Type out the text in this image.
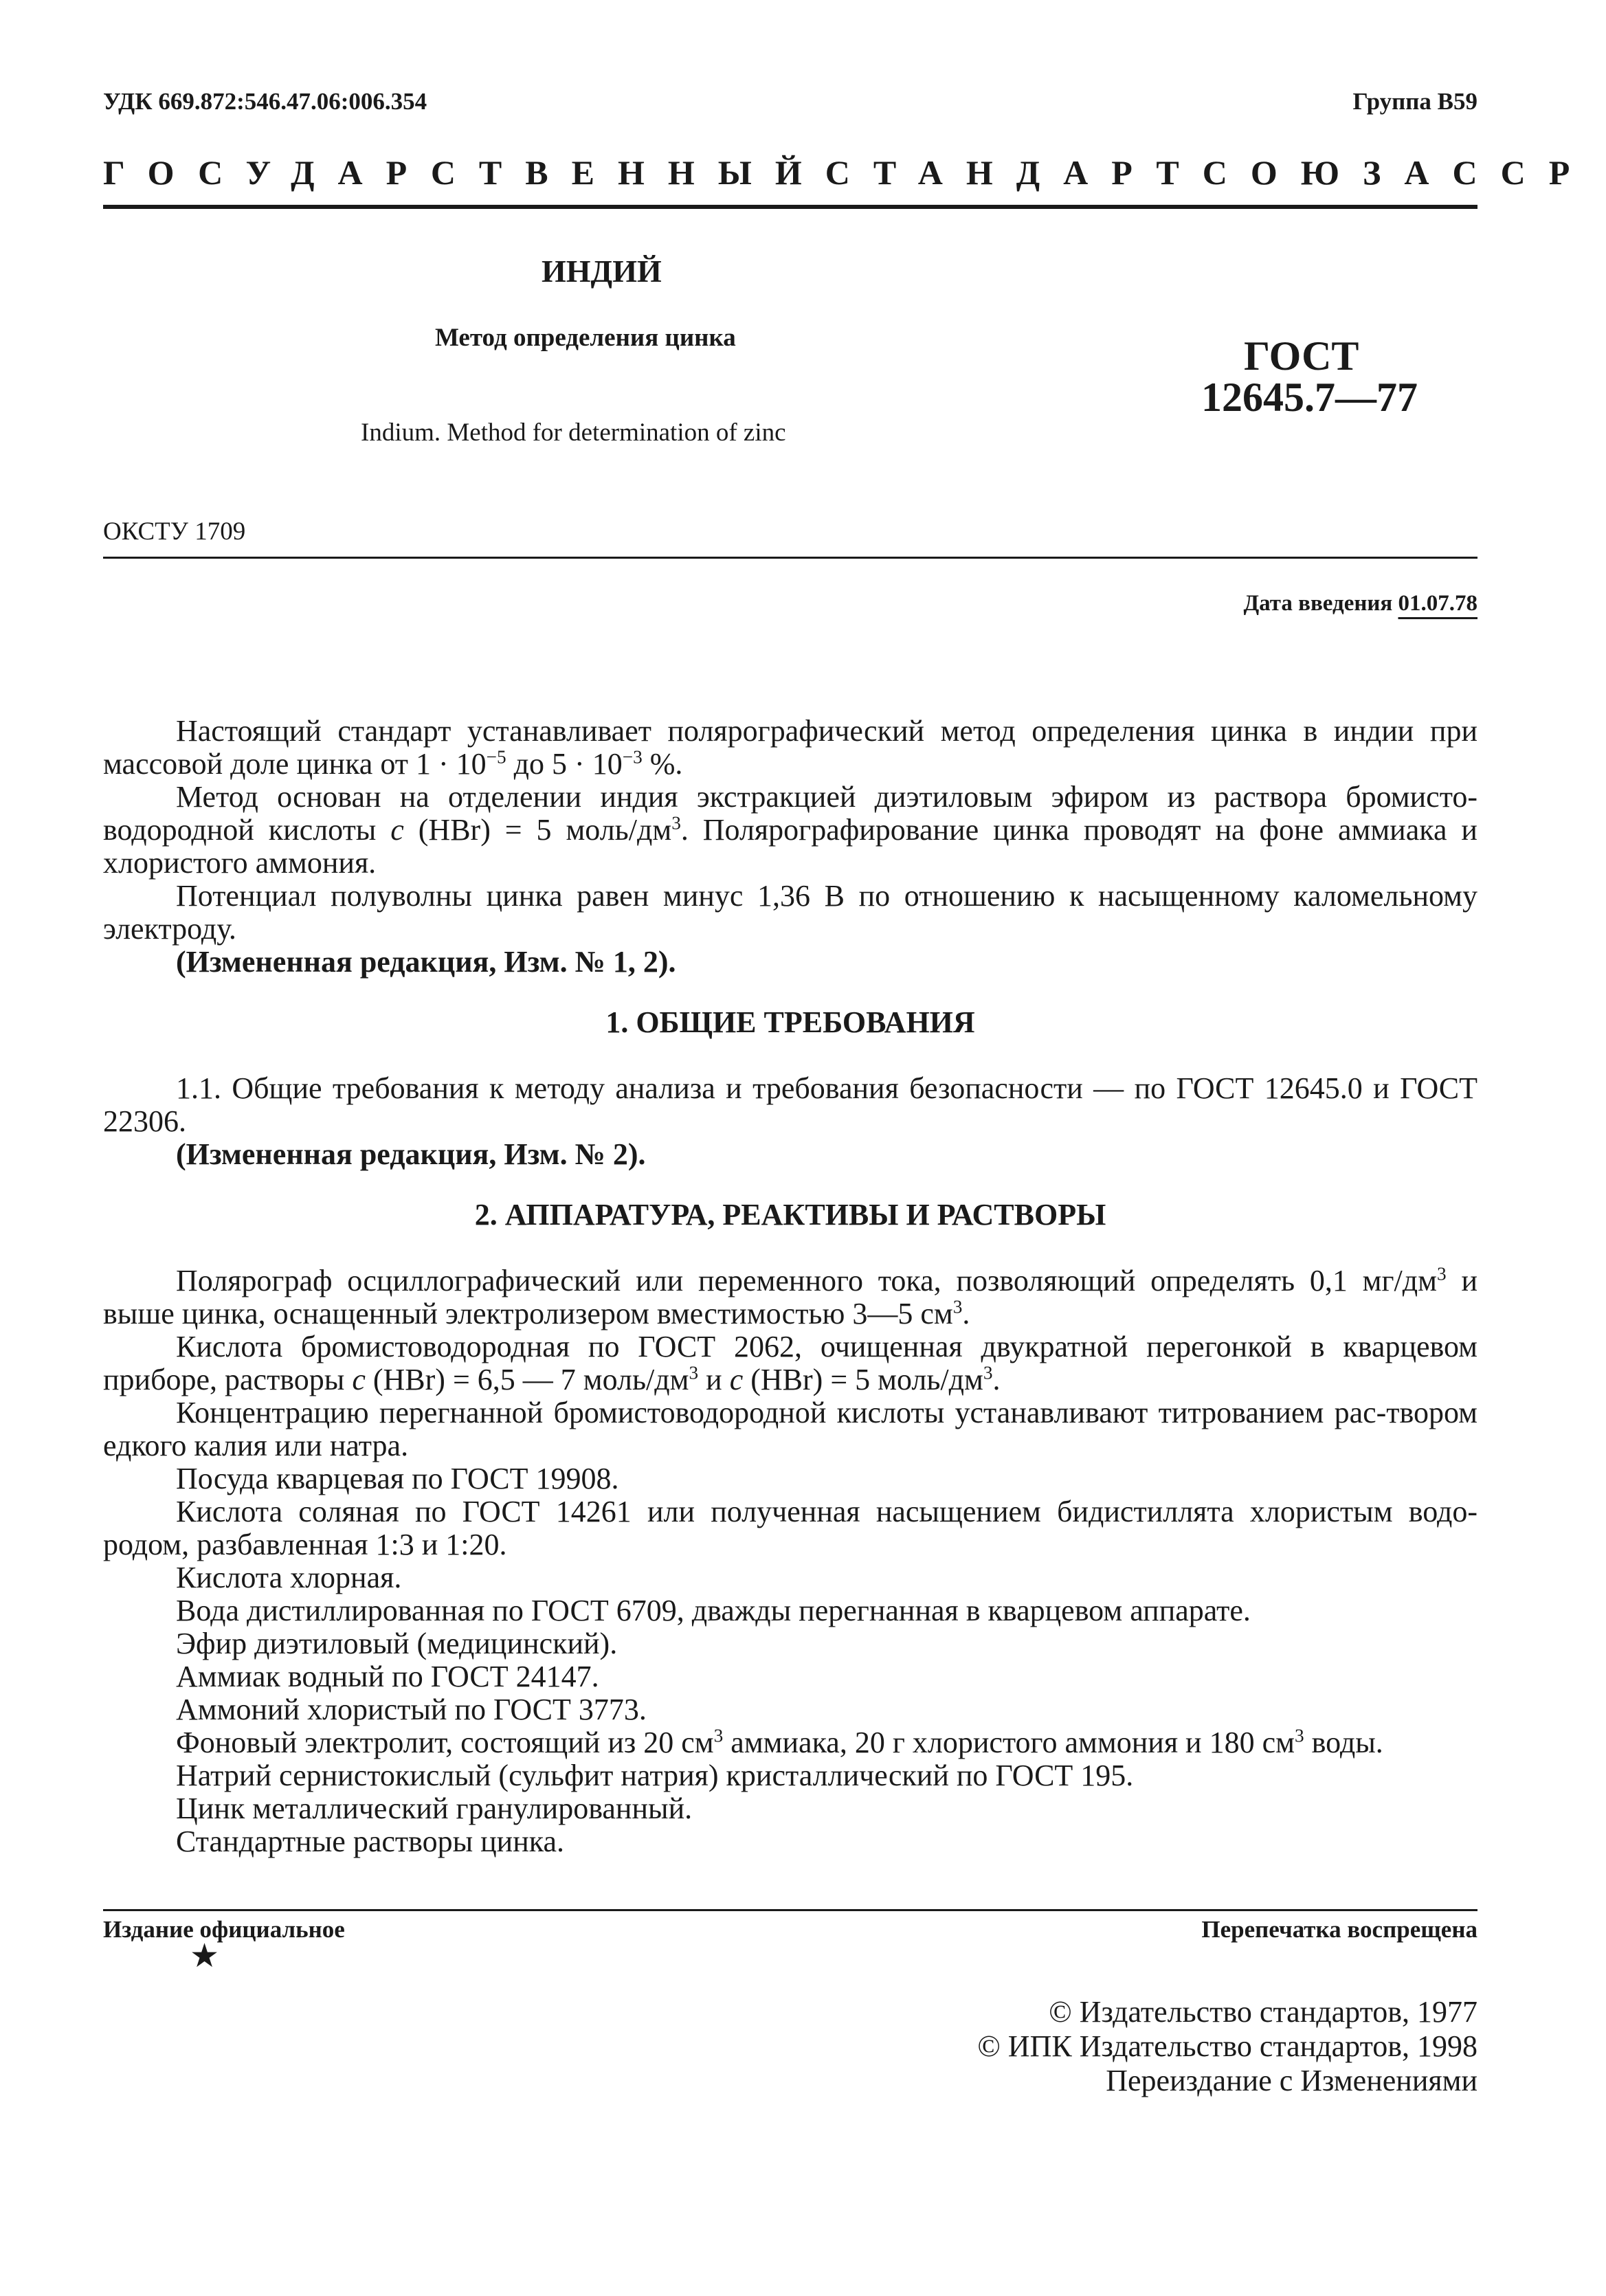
УДК 669.872:546.47.06:006.354	Группа В59
ГОСУДАРСТВЕННЫЙ СТАНДАРТ СОЮЗА ССР
ИНДИЙ
Метод определения цинка
Indium. Method for determination of zinc
ГОСТ
12645.7—77
ОКСТУ 1709
Дата введения 01.07.78
Настоящий стандарт устанавливает полярографический метод определения цинка в индии при массовой доле цинка от $1 \cdot 10^{-5}$ до $5 \cdot 10^{-3}$ %.
Метод основан на отделении индия экстракцией диэтиловым эфиром из раствора бромисто-водородной кислоты с (HBr) = 5 моль/$дм^3$. Полярографирование цинка проводят на фоне аммиака и хлористого аммония.
Потенциал полуволны цинка равен минус 1,36 В по отношению к насыщенному каломельному электроду.
(Измененная редакция, Изм. № 1, 2).
1. ОБЩИЕ ТРЕБОВАНИЯ
1.1. Общие требования к методу анализа и требования безопасности — по ГОСТ 12645.0 и ГОСТ 22306.
(Измененная редакция, Изм. № 2).
2. АППАРАТУРА, РЕАКТИВЫ И РАСТВОРЫ
Полярограф осциллографический или переменного тока, позволяющий определять 0,1 $мг/дм^3$ и выше цинка, оснащенный электролизером вместимостью 3—5 $см^3$.
Кислота бромистоводородная по ГОСТ 2062, очищенная двукратной перегонкой в кварцевом приборе, растворы с (HBr) = 6,5 — 7 моль/$дм^3$ и с (HBr) = 5 моль/$дм^3$.
Концентрацию перегнанной бромистоводородной кислоты устанавливают титрованием рас-твором едкого калия или натра.
Посуда кварцевая по ГОСТ 19908.
Кислота соляная по ГОСТ 14261 или полученная насыщением бидистиллята хлористым водо-родом, разбавленная 1:3 и 1:20.
Кислота хлорная.
Вода дистиллированная по ГОСТ 6709, дважды перегнанная в кварцевом аппарате.
Эфир диэтиловый (медицинский).
Аммиак водный по ГОСТ 24147.
Аммоний хлористый по ГОСТ 3773.
Фоновый электролит, состоящий из 20 $см^3$ аммиака, 20 г хлористого аммония и 180 $см^3$ воды.
Натрий сернистокислый (сульфит натрия) кристаллический по ГОСТ 195.
Цинк металлический гранулированный.
Стандартные растворы цинка.
Издание официальное
★
Перепечатка воспрещена
© Издательство стандартов, 1977
© ИПК Издательство стандартов, 1998
Переиздание с Изменениями
